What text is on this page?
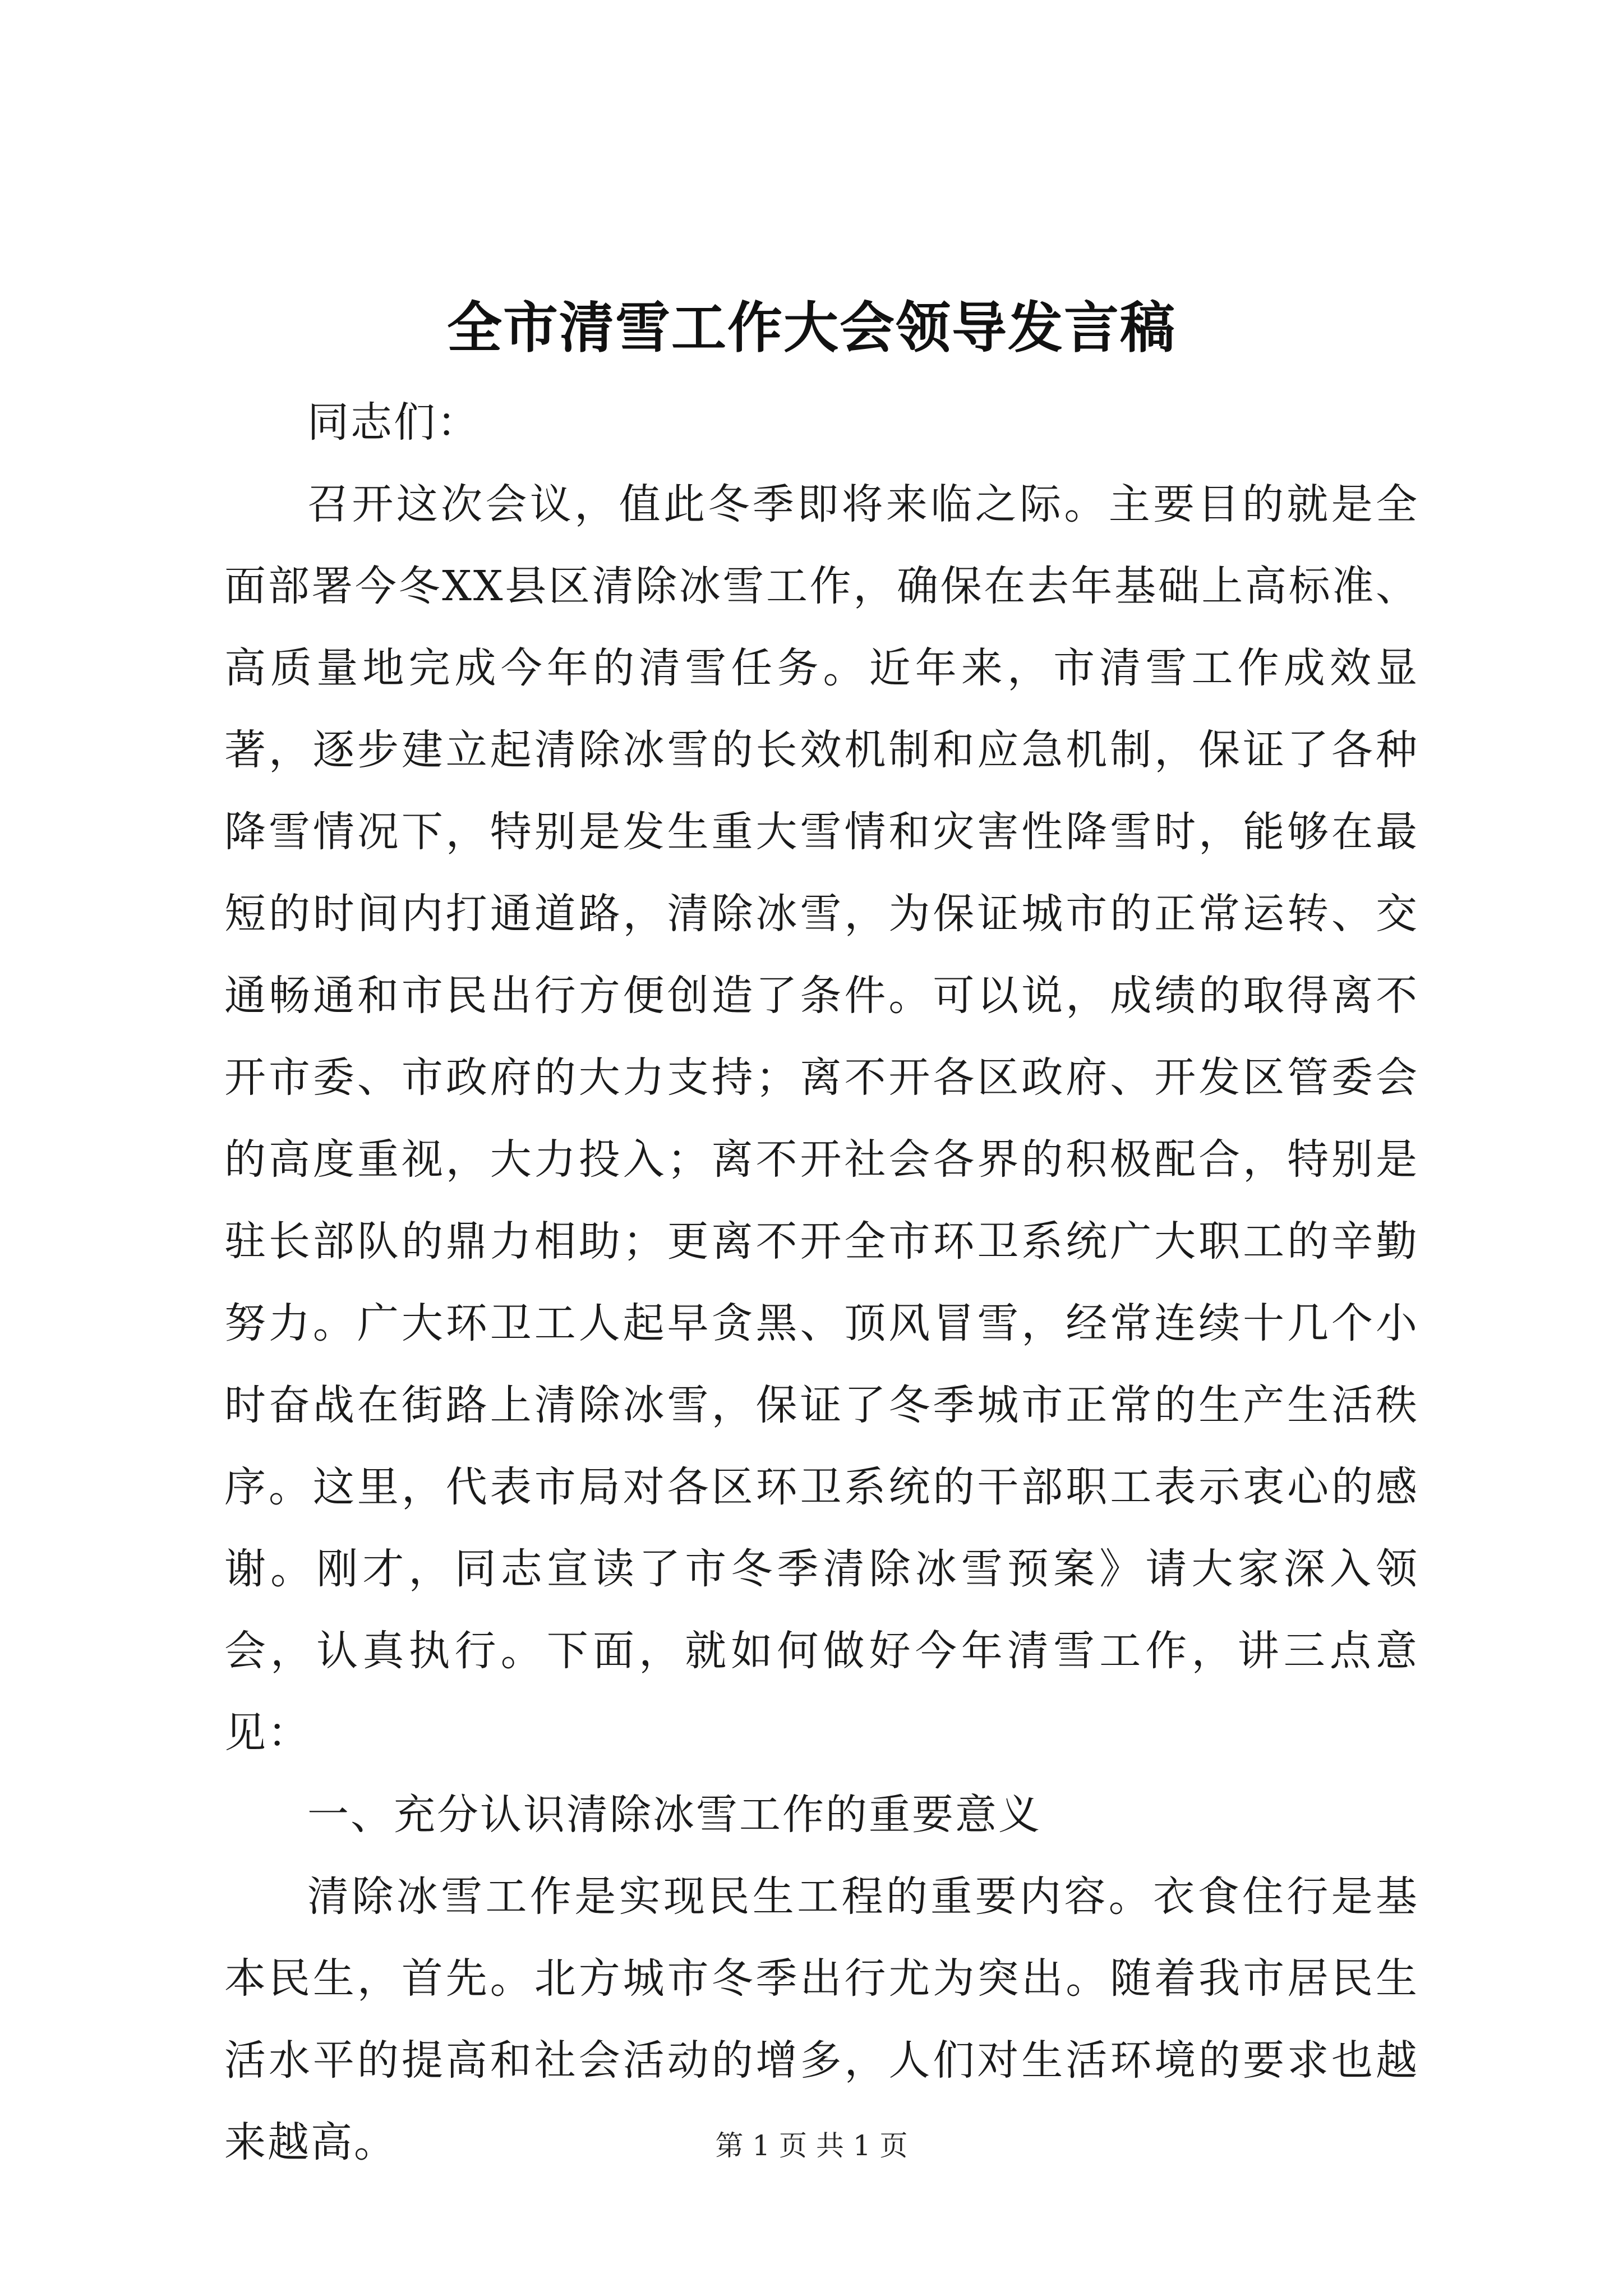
全市清雪工作大会领导发言稿

同志们：

召开这次会议，值此冬季即将来临之际。主要目的就是全面部署今冬XX县区清除冰雪工作，确保在去年基础上高标准、高质量地完成今年的清雪任务。近年来，市清雪工作成效显著，逐步建立起清除冰雪的长效机制和应急机制，保证了各种降雪情况下，特别是发生重大雪情和灾害性降雪时，能够在最短的时间内打通道路，清除冰雪，为保证城市的正常运转、交通畅通和市民出行方便创造了条件。可以说，成绩的取得离不开市委、市政府的大力支持；离不开各区政府、开发区管委会的高度重视，大力投入；离不开社会各界的积极配合，特别是驻长部队的鼎力相助；更离不开全市环卫系统广大职工的辛勤努力。广大环卫工人起早贪黑、顶风冒雪，经常连续十几个小时奋战在街路上清除冰雪，保证了冬季城市正常的生产生活秩序。这里，代表市局对各区环卫系统的干部职工表示衷心的感谢。刚才，同志宣读了市冬季清除冰雪预案》请大家深入领会，认真执行。下面，就如何做好今年清雪工作，讲三点意见：

一、充分认识清除冰雪工作的重要意义

清除冰雪工作是实现民生工程的重要内容。衣食住行是基本民生，首先。北方城市冬季出行尤为突出。随着我市居民生活水平的提高和社会活动的增多，人们对生活环境的要求也越来越高。	第 1 页 共 1 页
